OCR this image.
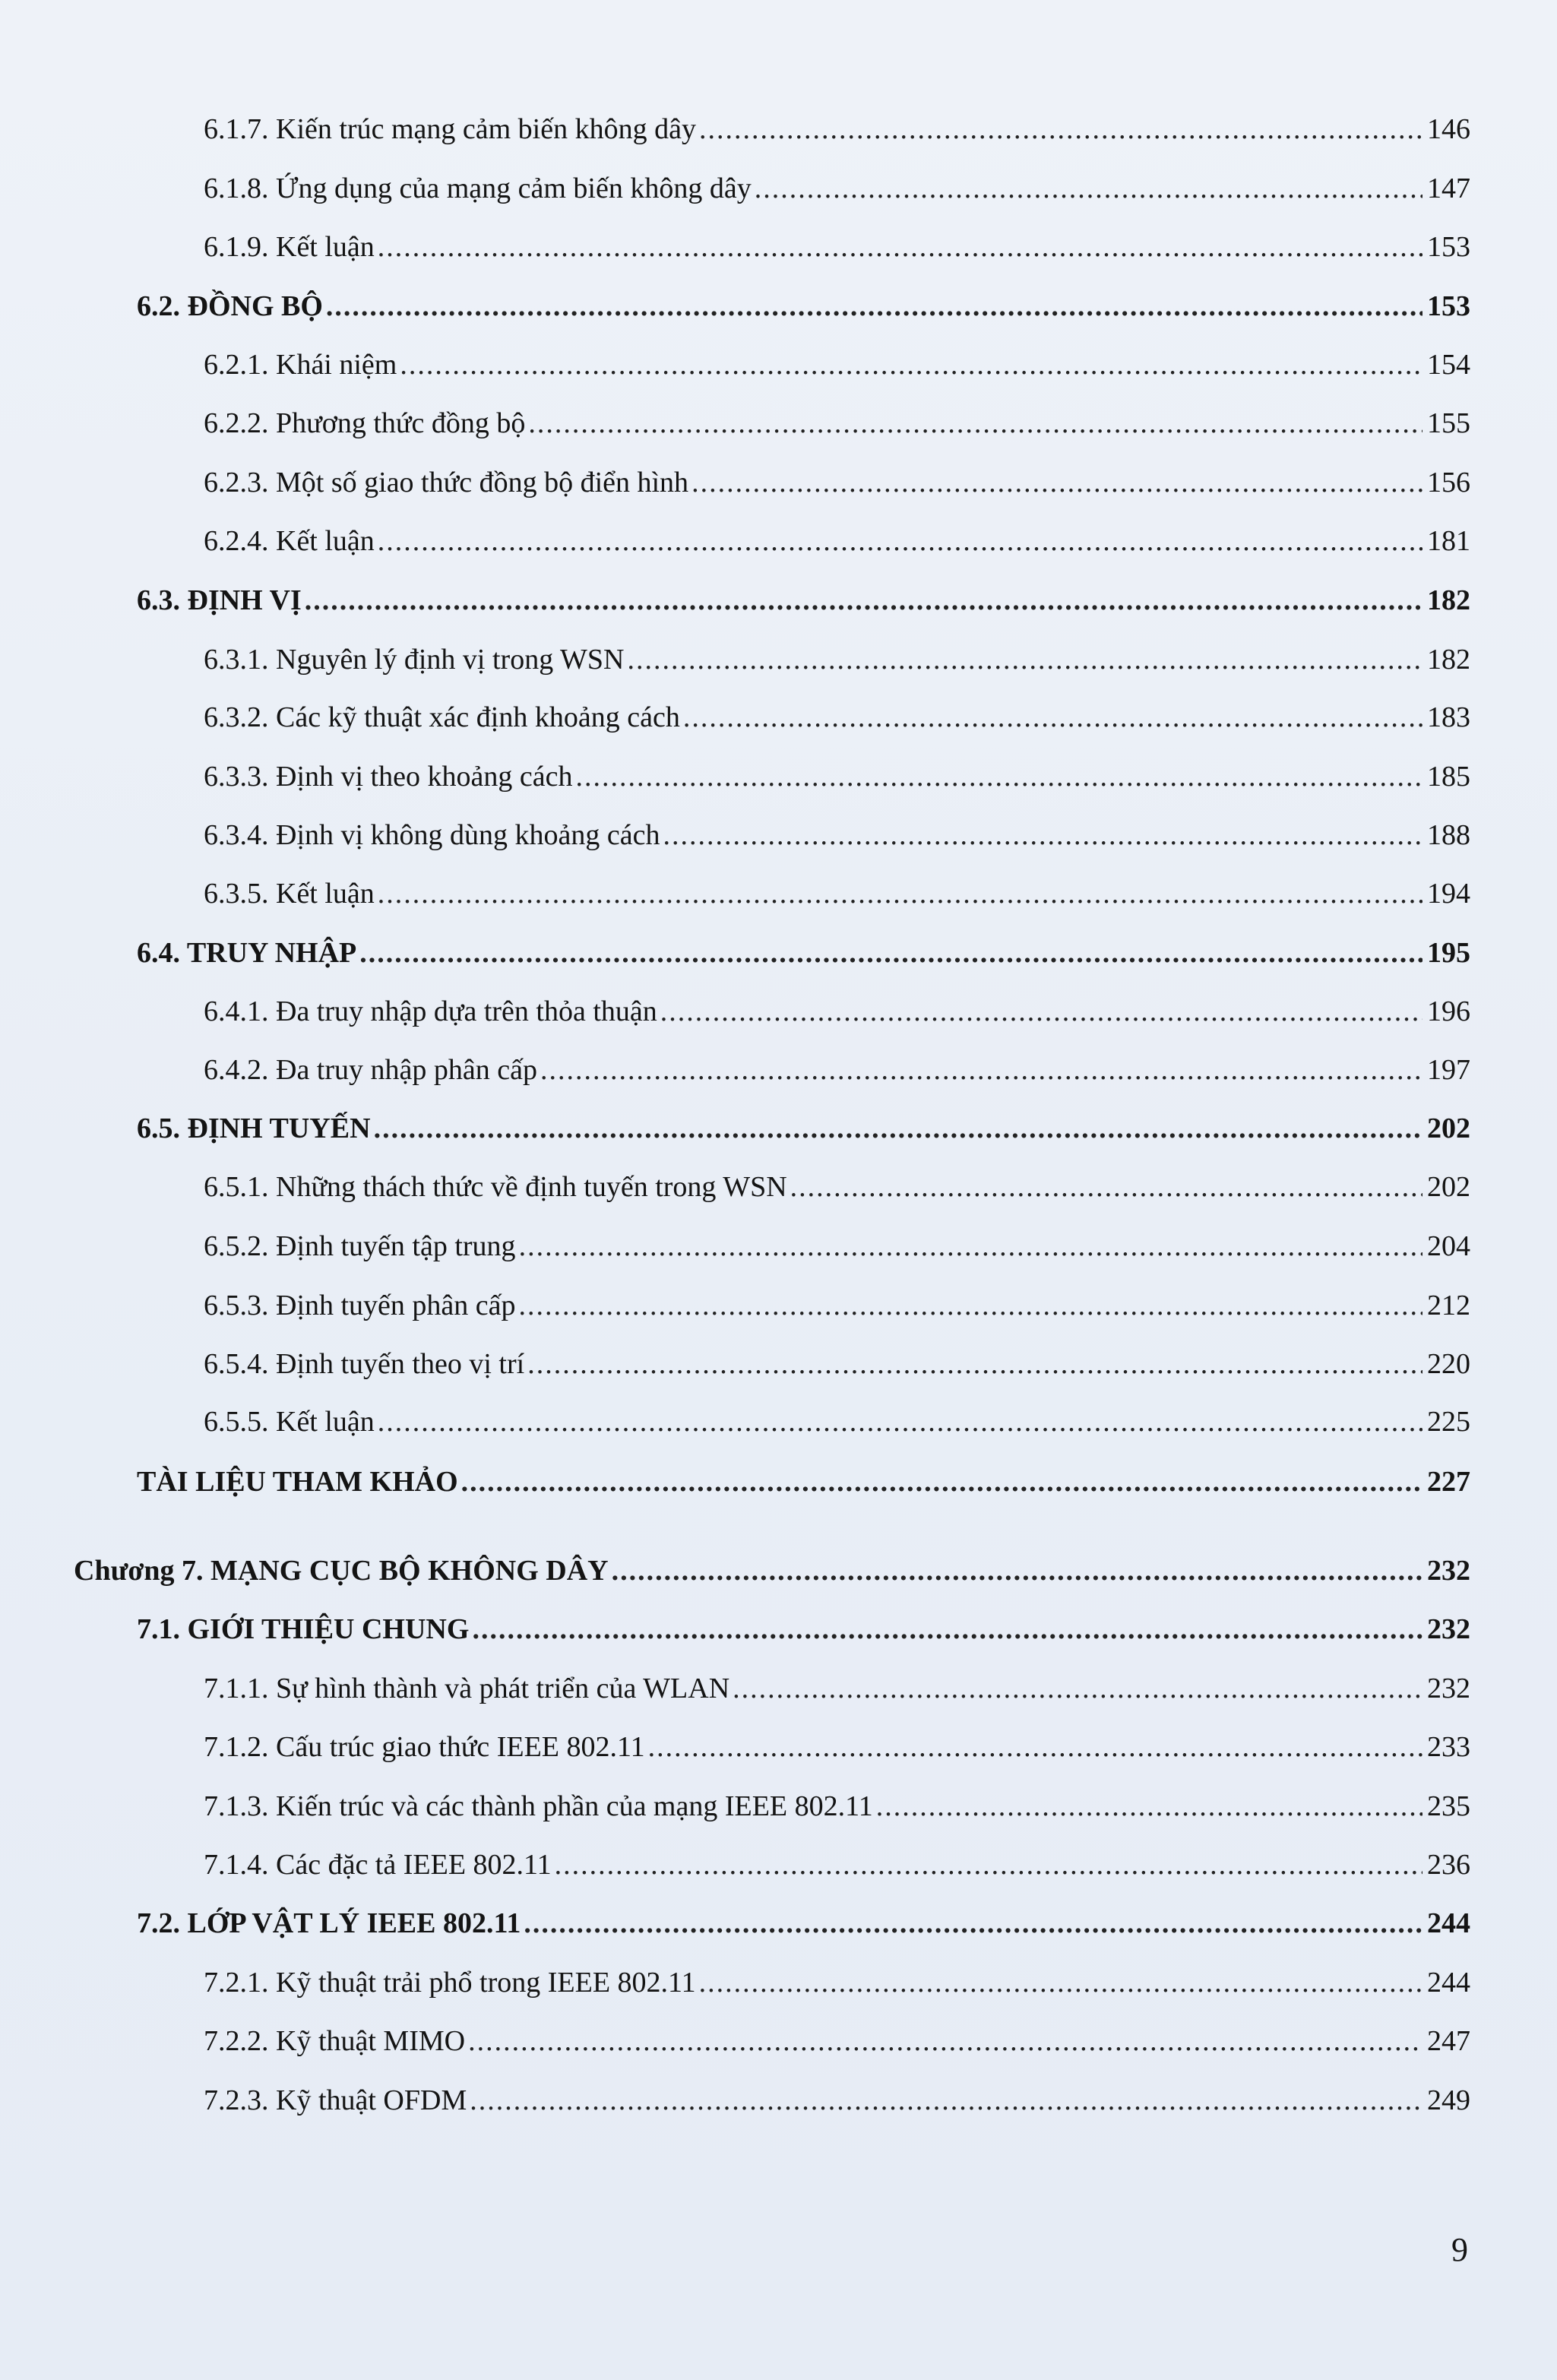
6.1.7. Kiến trúc mạng cảm biến không dây .....	146
6.1.8. Ứng dụng của mạng cảm biến không dây .....	147
6.1.9. Kết luận .....	153
6.2. ĐỒNG BỘ .....	153
6.2.1. Khái niệm .....	154
6.2.2. Phương thức đồng bộ .....	155
6.2.3. Một số giao thức đồng bộ điển hình .....	156
6.2.4. Kết luận .....	181
6.3. ĐỊNH VỊ .....	182
6.3.1. Nguyên lý định vị trong WSN .....	182
6.3.2. Các kỹ thuật xác định khoảng cách .....	183
6.3.3. Định vị theo khoảng cách .....	185
6.3.4. Định vị không dùng khoảng cách .....	188
6.3.5. Kết luận .....	194
6.4. TRUY NHẬP .....	195
6.4.1. Đa truy nhập dựa trên thỏa thuận .....	196
6.4.2. Đa truy nhập phân cấp .....	197
6.5. ĐỊNH TUYẾN .....	202
6.5.1. Những thách thức về định tuyến trong WSN .....	202
6.5.2. Định tuyến tập trung .....	204
6.5.3. Định tuyến phân cấp .....	212
6.5.4. Định tuyến theo vị trí .....	220
6.5.5. Kết luận .....	225
TÀI LIỆU THAM KHẢO .....	227
Chương 7. MẠNG CỤC BỘ KHÔNG DÂY .....	232
7.1. GIỚI THIỆU CHUNG .....	232
7.1.1. Sự hình thành và phát triển của WLAN .....	232
7.1.2. Cấu trúc giao thức IEEE 802.11 .....	233
7.1.3. Kiến trúc và các thành phần của mạng IEEE 802.11 .....	235
7.1.4. Các đặc tả IEEE 802.11 .....	236
7.2. LỚP VẬT LÝ IEEE 802.11 .....	244
7.2.1. Kỹ thuật trải phổ trong IEEE 802.11 .....	244
7.2.2. Kỹ thuật MIMO .....	247
7.2.3. Kỹ thuật OFDM .....	249
9
